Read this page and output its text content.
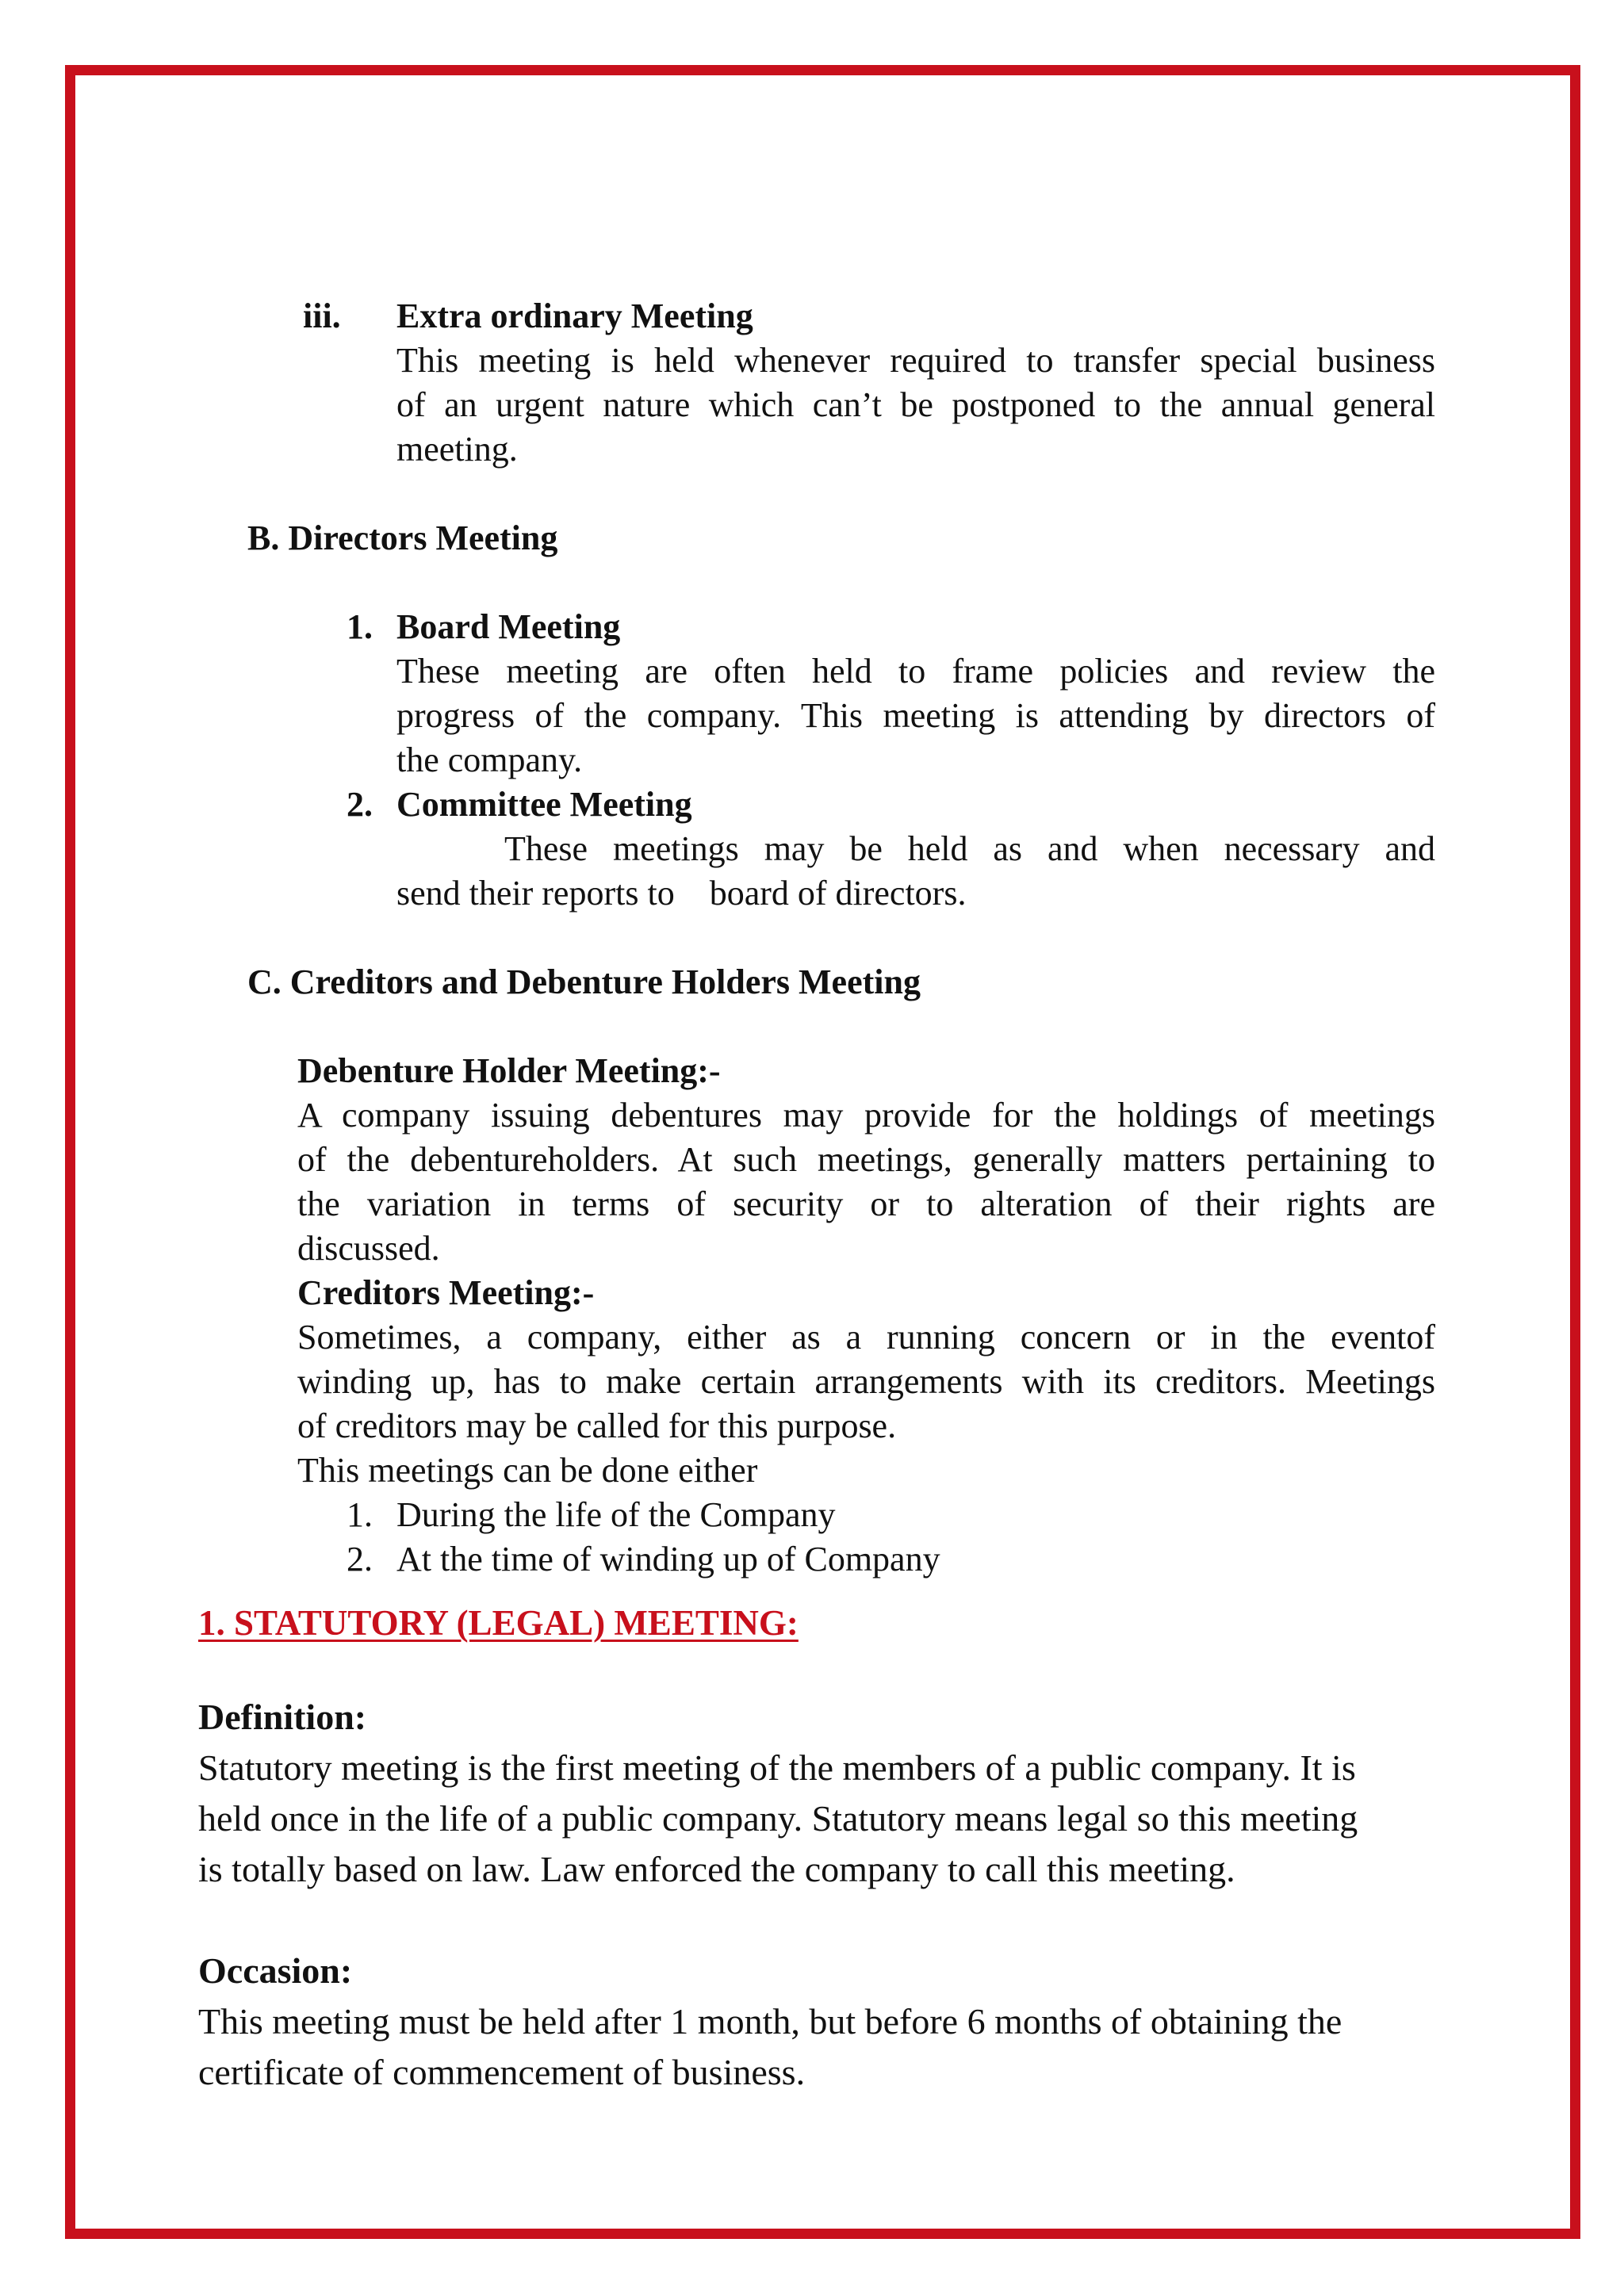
iii. Extra ordinary Meeting
This meeting is held whenever required to transfer special business
of an urgent nature which can’t be postponed to the annual general
meeting.
B. Directors Meeting
1. Board Meeting
These meeting are often held to frame policies and review the
progress of the company. This meeting is attending by directors of
the company.
2. Committee Meeting
These meetings may be held as and when necessary and
send their reports to    board of directors.
C. Creditors and Debenture Holders Meeting
Debenture Holder Meeting:-
A company issuing debentures may provide for the holdings of meetings
of the debentureholders. At such meetings, generally matters pertaining to
the variation in terms of security or to alteration of their rights are
discussed.
Creditors Meeting:-
Sometimes, a company, either as a running concern or in the eventof
winding up, has to make certain arrangements with its creditors. Meetings
of creditors may be called for this purpose.
This meetings can be done either
1. During the life of the Company
2. At the time of winding up of Company
1. STATUTORY (LEGAL) MEETING:
Definition:
Statutory meeting is the first meeting of the members of a public company. It is
held once in the life of a public company. Statutory means legal so this meeting
is totally based on law. Law enforced the company to call this meeting.
Occasion:
This meeting must be held after 1 month, but before 6 months of obtaining the
certificate of commencement of business.
